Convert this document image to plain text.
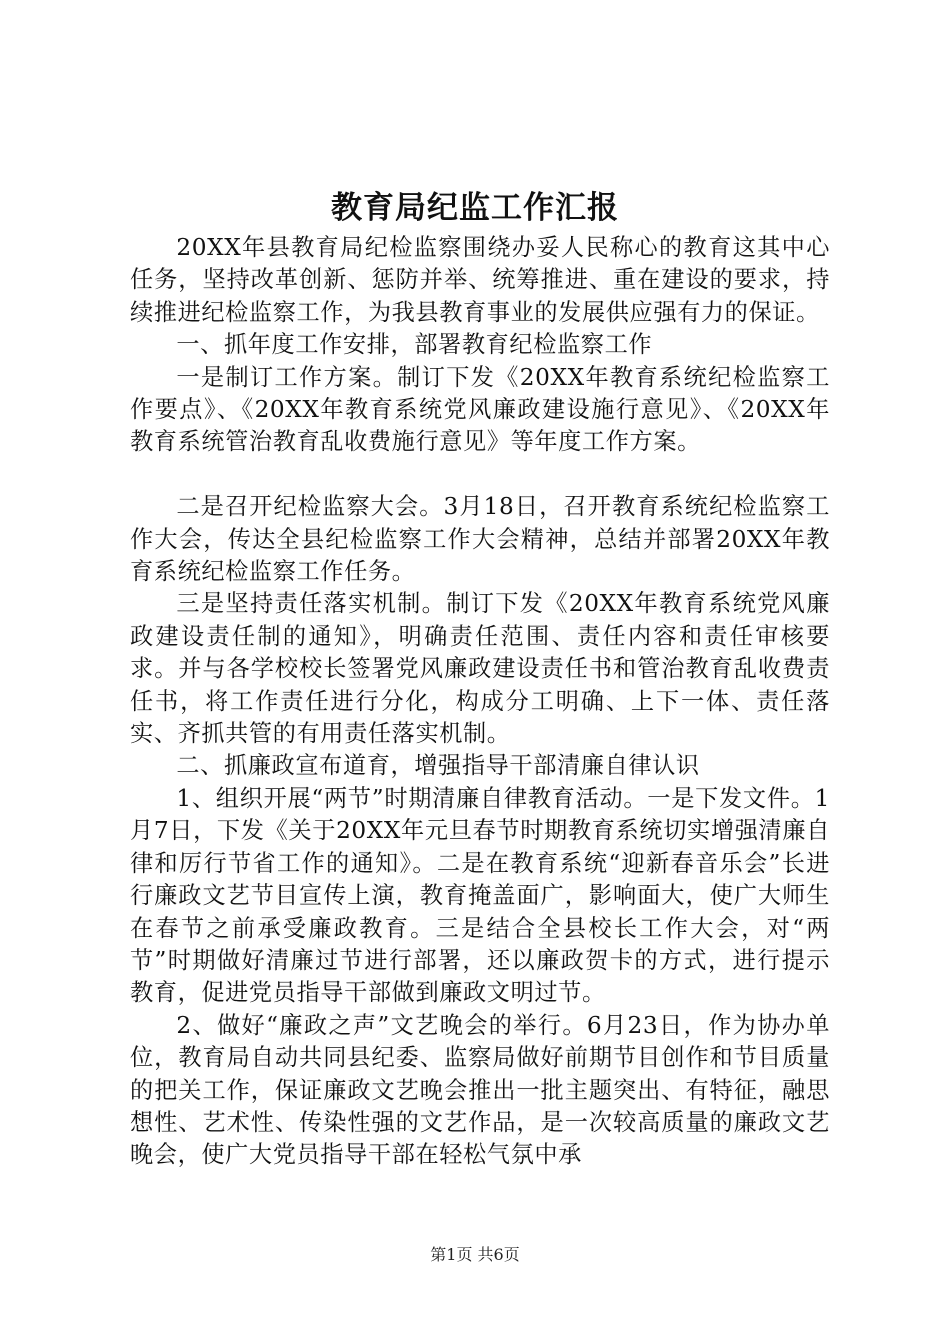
教育局纪监工作汇报

20XX年县教育局纪检监察围绕办妥人民称心的教育这其中心任务，坚持改革创新、惩防并举、统筹推进、重在建设的要求，持续推进纪检监察工作，为我县教育事业的发展供应强有力的保证。

一、抓年度工作安排，部署教育纪检监察工作

一是制订工作方案。制订下发《20XX年教育系统纪检监察工作要点》、《20XX年教育系统党风廉政建设施行意见》、《20XX年教育系统管治教育乱收费施行意见》等年度工作方案。

二是召开纪检监察大会。3月18日，召开教育系统纪检监察工作大会，传达全县纪检监察工作大会精神，总结并部署20XX年教育系统纪检监察工作任务。

三是坚持责任落实机制。制订下发《20XX年教育系统党风廉政建设责任制的通知》，明确责任范围、责任内容和责任审核要求。并与各学校校长签署党风廉政建设责任书和管治教育乱收费责任书，将工作责任进行分化，构成分工明确、上下一体、责任落实、齐抓共管的有用责任落实机制。

二、抓廉政宣布道育，增强指导干部清廉自律认识

1、组织开展“两节”时期清廉自律教育活动。一是下发文件。1月7日，下发《关于20XX年元旦春节时期教育系统切实增强清廉自律和厉行节省工作的通知》。二是在教育系统“迎新春音乐会”长进行廉政文艺节目宣传上演，教育掩盖面广，影响面大，使广大师生在春节之前承受廉政教育。三是结合全县校长工作大会，对“两节”时期做好清廉过节进行部署，还以廉政贺卡的方式，进行提示教育，促进党员指导干部做到廉政文明过节。

2、做好“廉政之声”文艺晚会的举行。6月23日，作为协办单位，教育局自动共同县纪委、监察局做好前期节目创作和节目质量的把关工作，保证廉政文艺晚会推出一批主题突出、有特征，融思想性、艺术性、传染性强的文艺作品，是一次较高质量的廉政文艺晚会，使广大党员指导干部在轻松气氛中承

第1页 共6页
